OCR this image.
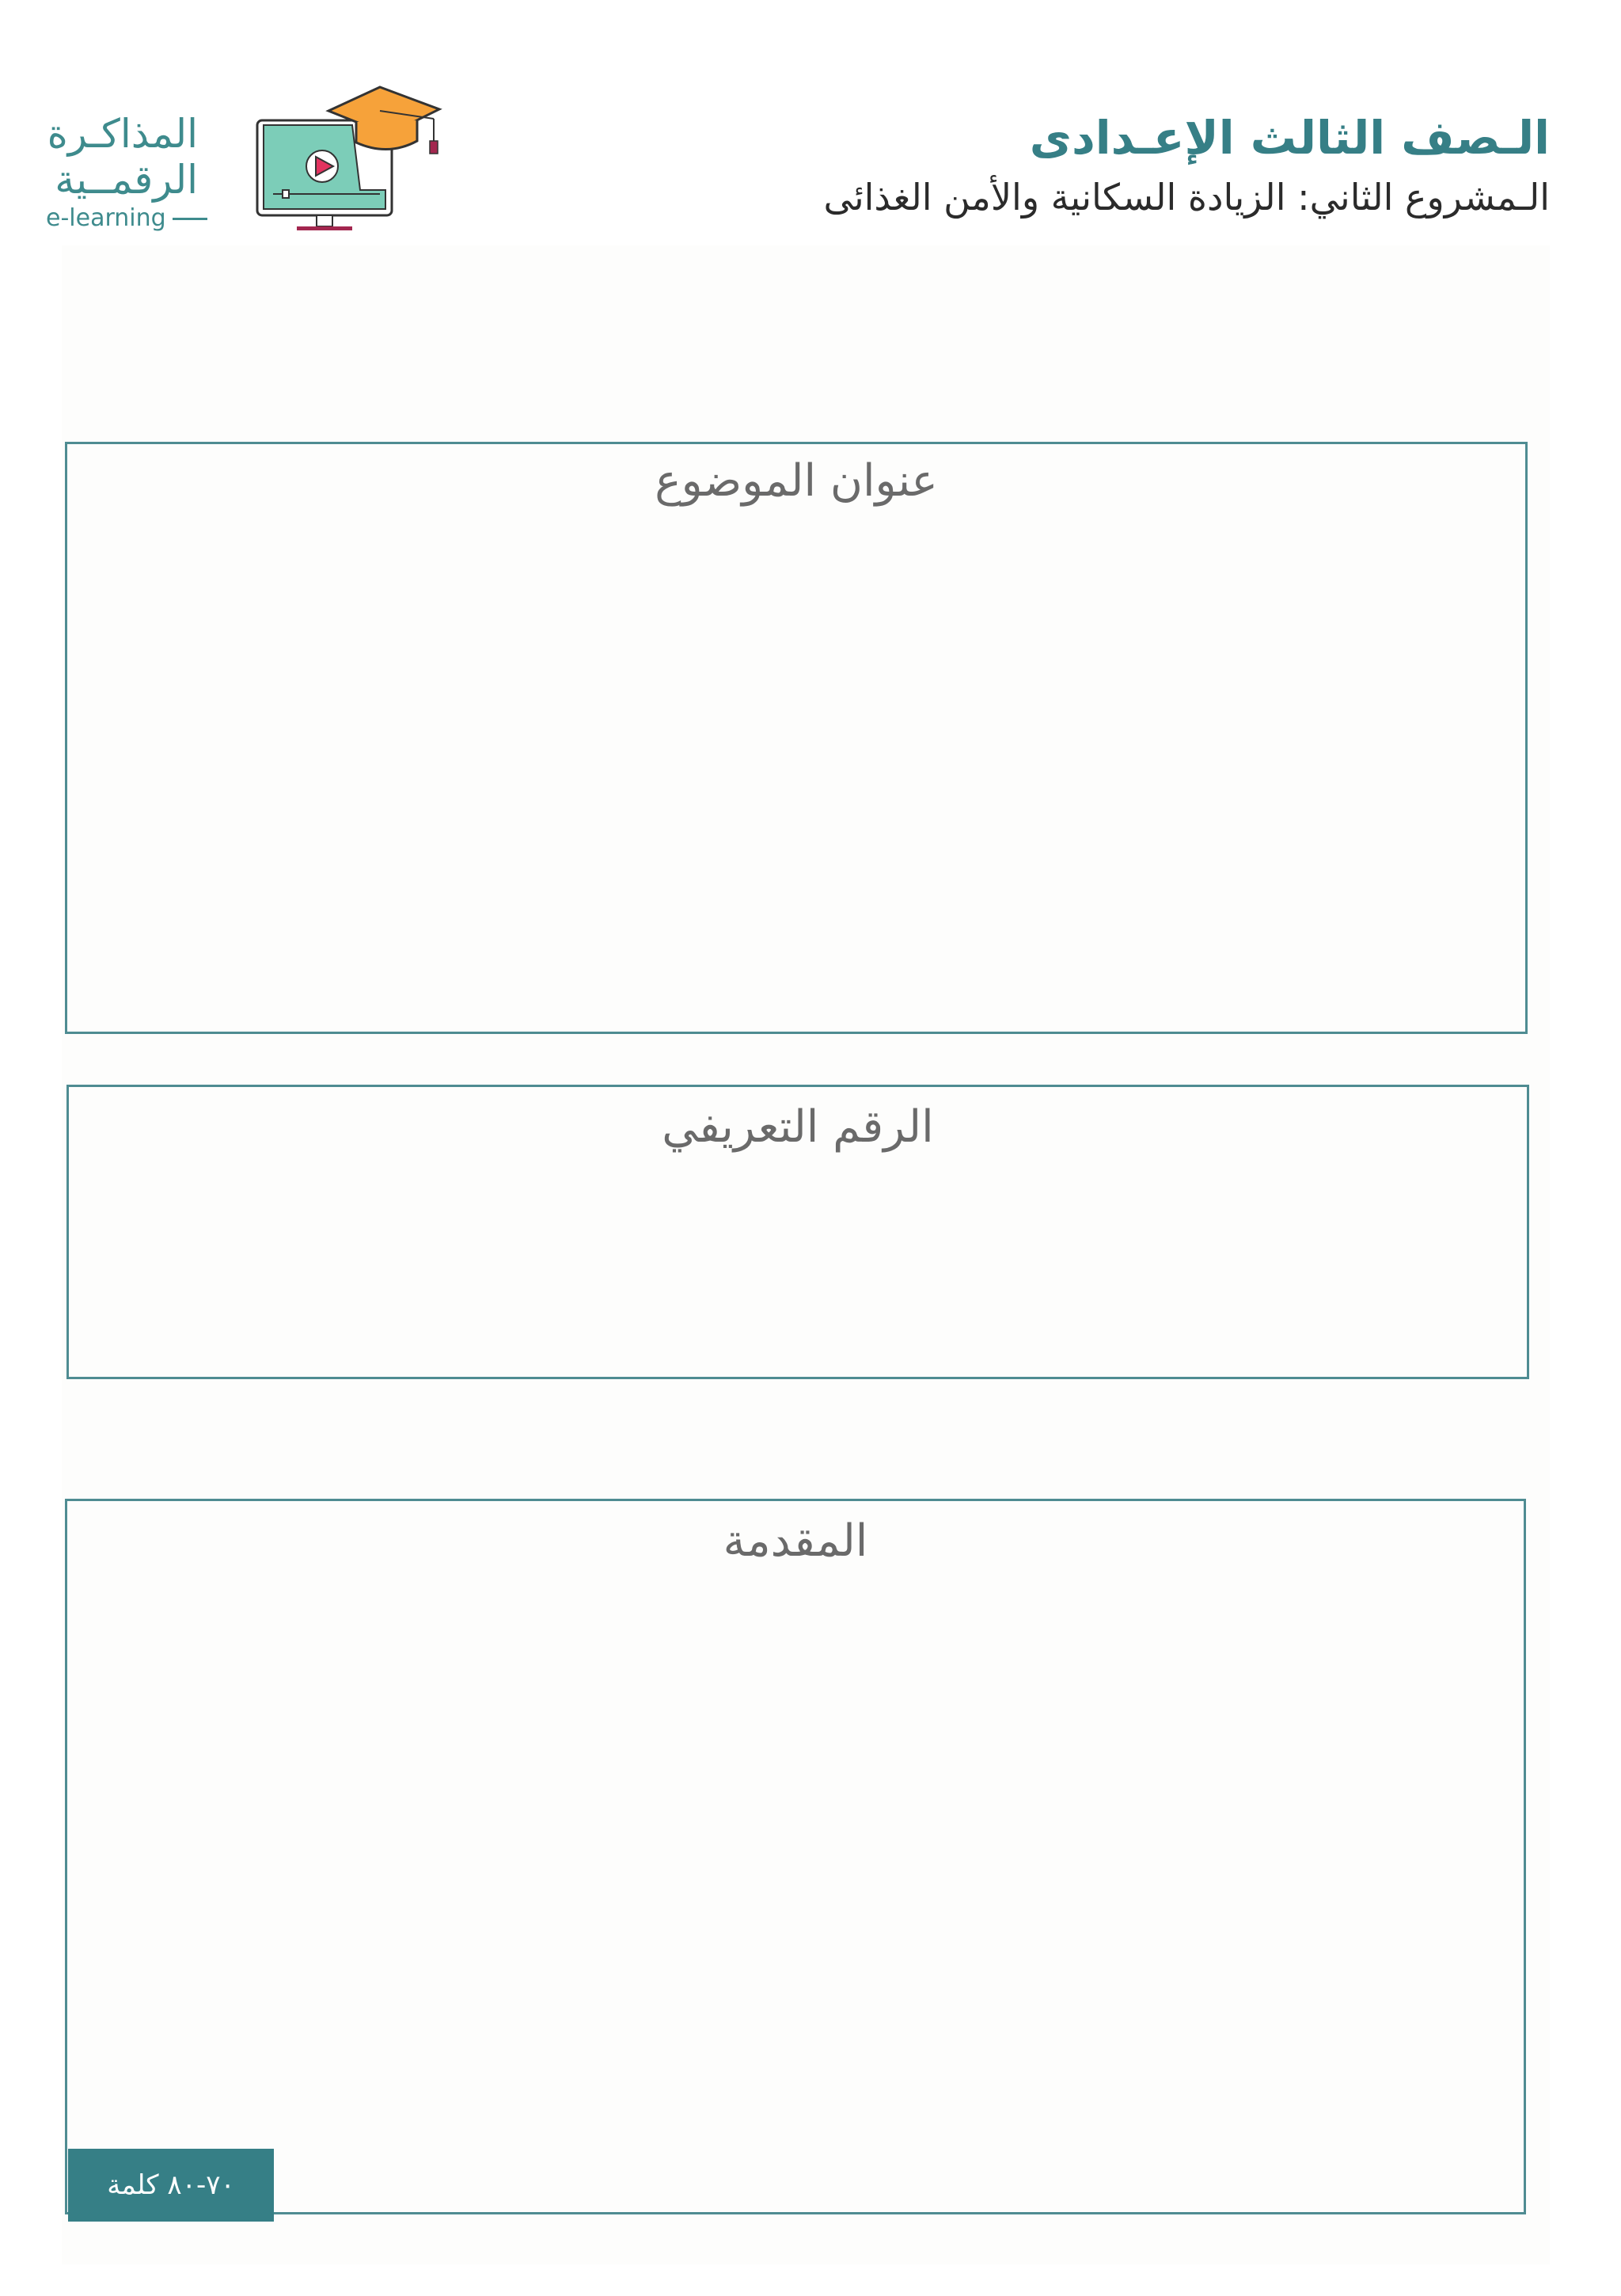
المذاكـرة
الرقمــية
e-learning
الـصف الثالث الإعـدادى
الـمشروع الثاني: الزيادة السكانية والأمن الغذائى
عنوان الموضوع
الرقم التعريفي
المقدمة
٧٠-٨٠ كلمة
